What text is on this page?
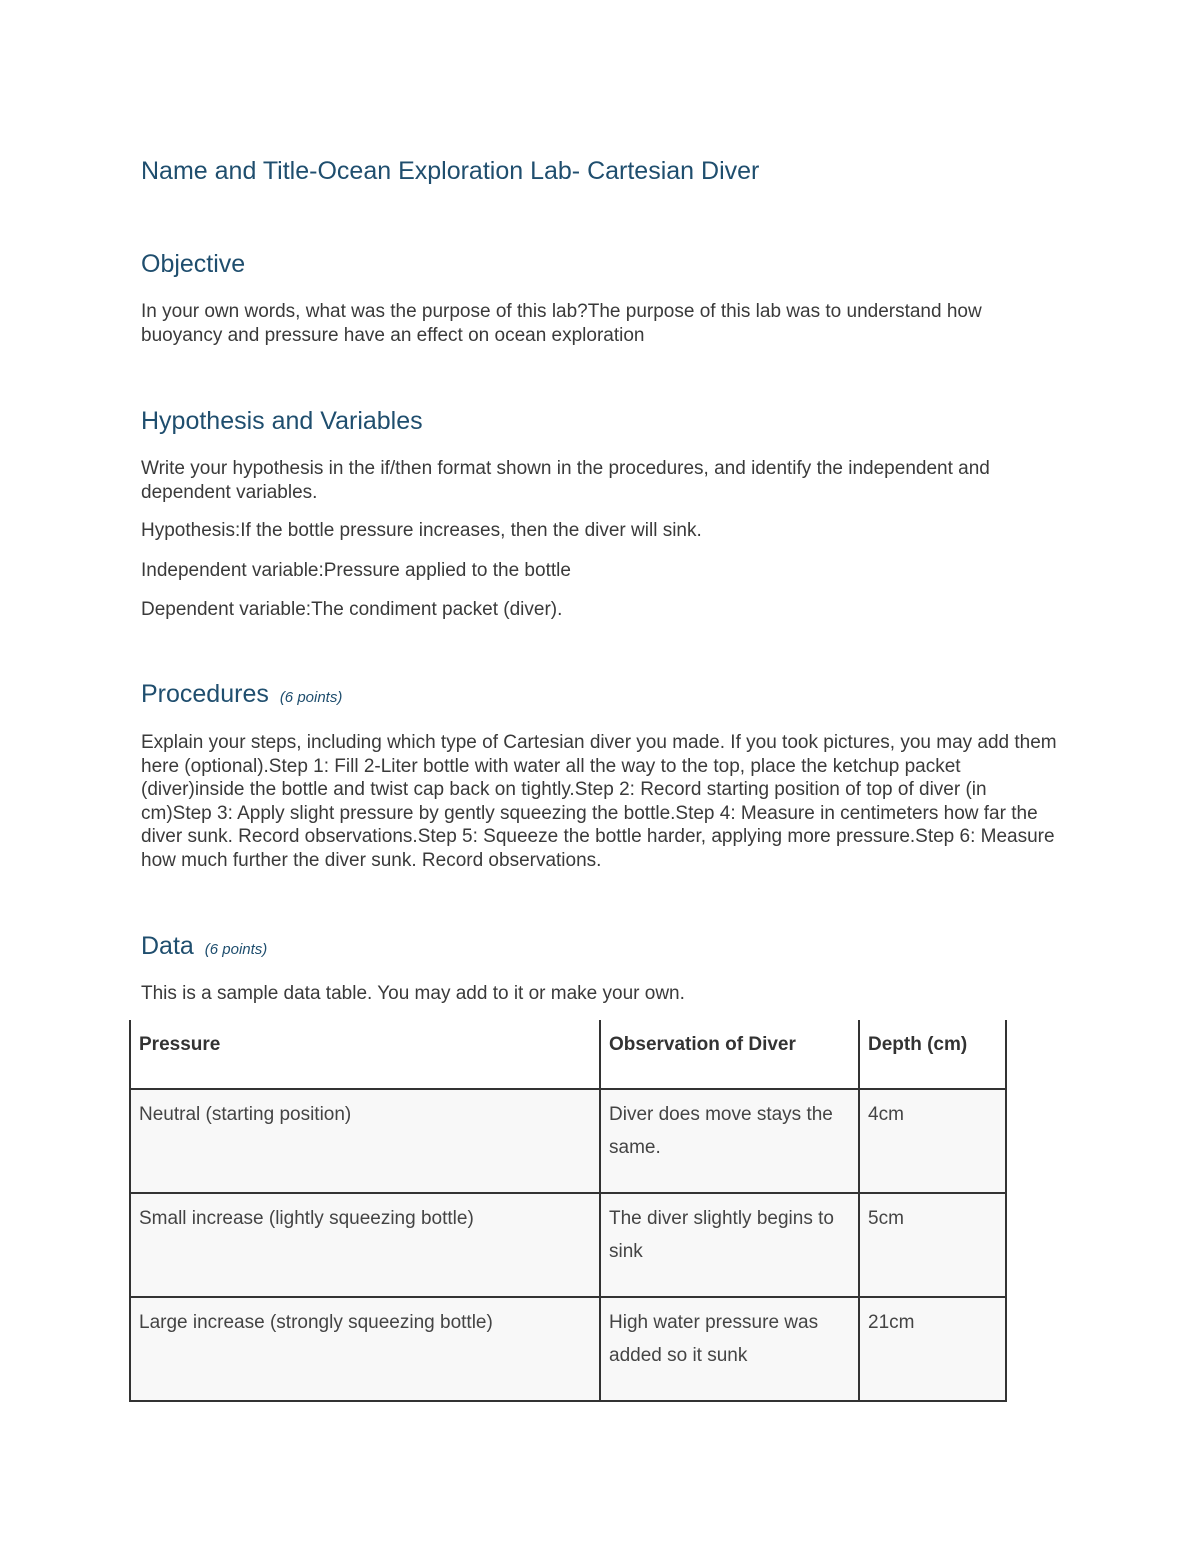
Name and Title-Ocean Exploration Lab- Cartesian Diver
Objective

In your own words, what was the purpose of this lab?The purpose of this lab was to understand how buoyancy and pressure have an effect on ocean exploration

Hypothesis and Variables

Write your hypothesis in the if/then format shown in the procedures, and identify the independent and dependent variables.

Hypothesis:If the bottle pressure increases, then the diver will sink.

Independent variable:Pressure applied to the bottle

Dependent variable:The condiment packet (diver).

Procedures (6 points)

Explain your steps, including which type of Cartesian diver you made. If you took pictures, you may add them here (optional).Step 1: Fill 2-Liter bottle with water all the way to the top, place the ketchup packet (diver)inside the bottle and twist cap back on tightly.Step 2: Record starting position of top of diver (in cm)Step 3: Apply slight pressure by gently squeezing the bottle.Step 4: Measure in centimeters how far the diver sunk. Record observations.Step 5: Squeeze the bottle harder, applying more pressure.Step 6: Measure how much further the diver sunk. Record observations.

Data (6 points)

This is a sample data table. You may add to it or make your own.

Pressure	Observation of Diver	Depth (cm)
Neutral (starting position)	Diver does move stays the same.	4cm
Small increase (lightly squeezing bottle)	The diver slightly begins to sink	5cm
Large increase (strongly squeezing bottle)	High water pressure was added so it sunk	21cm
